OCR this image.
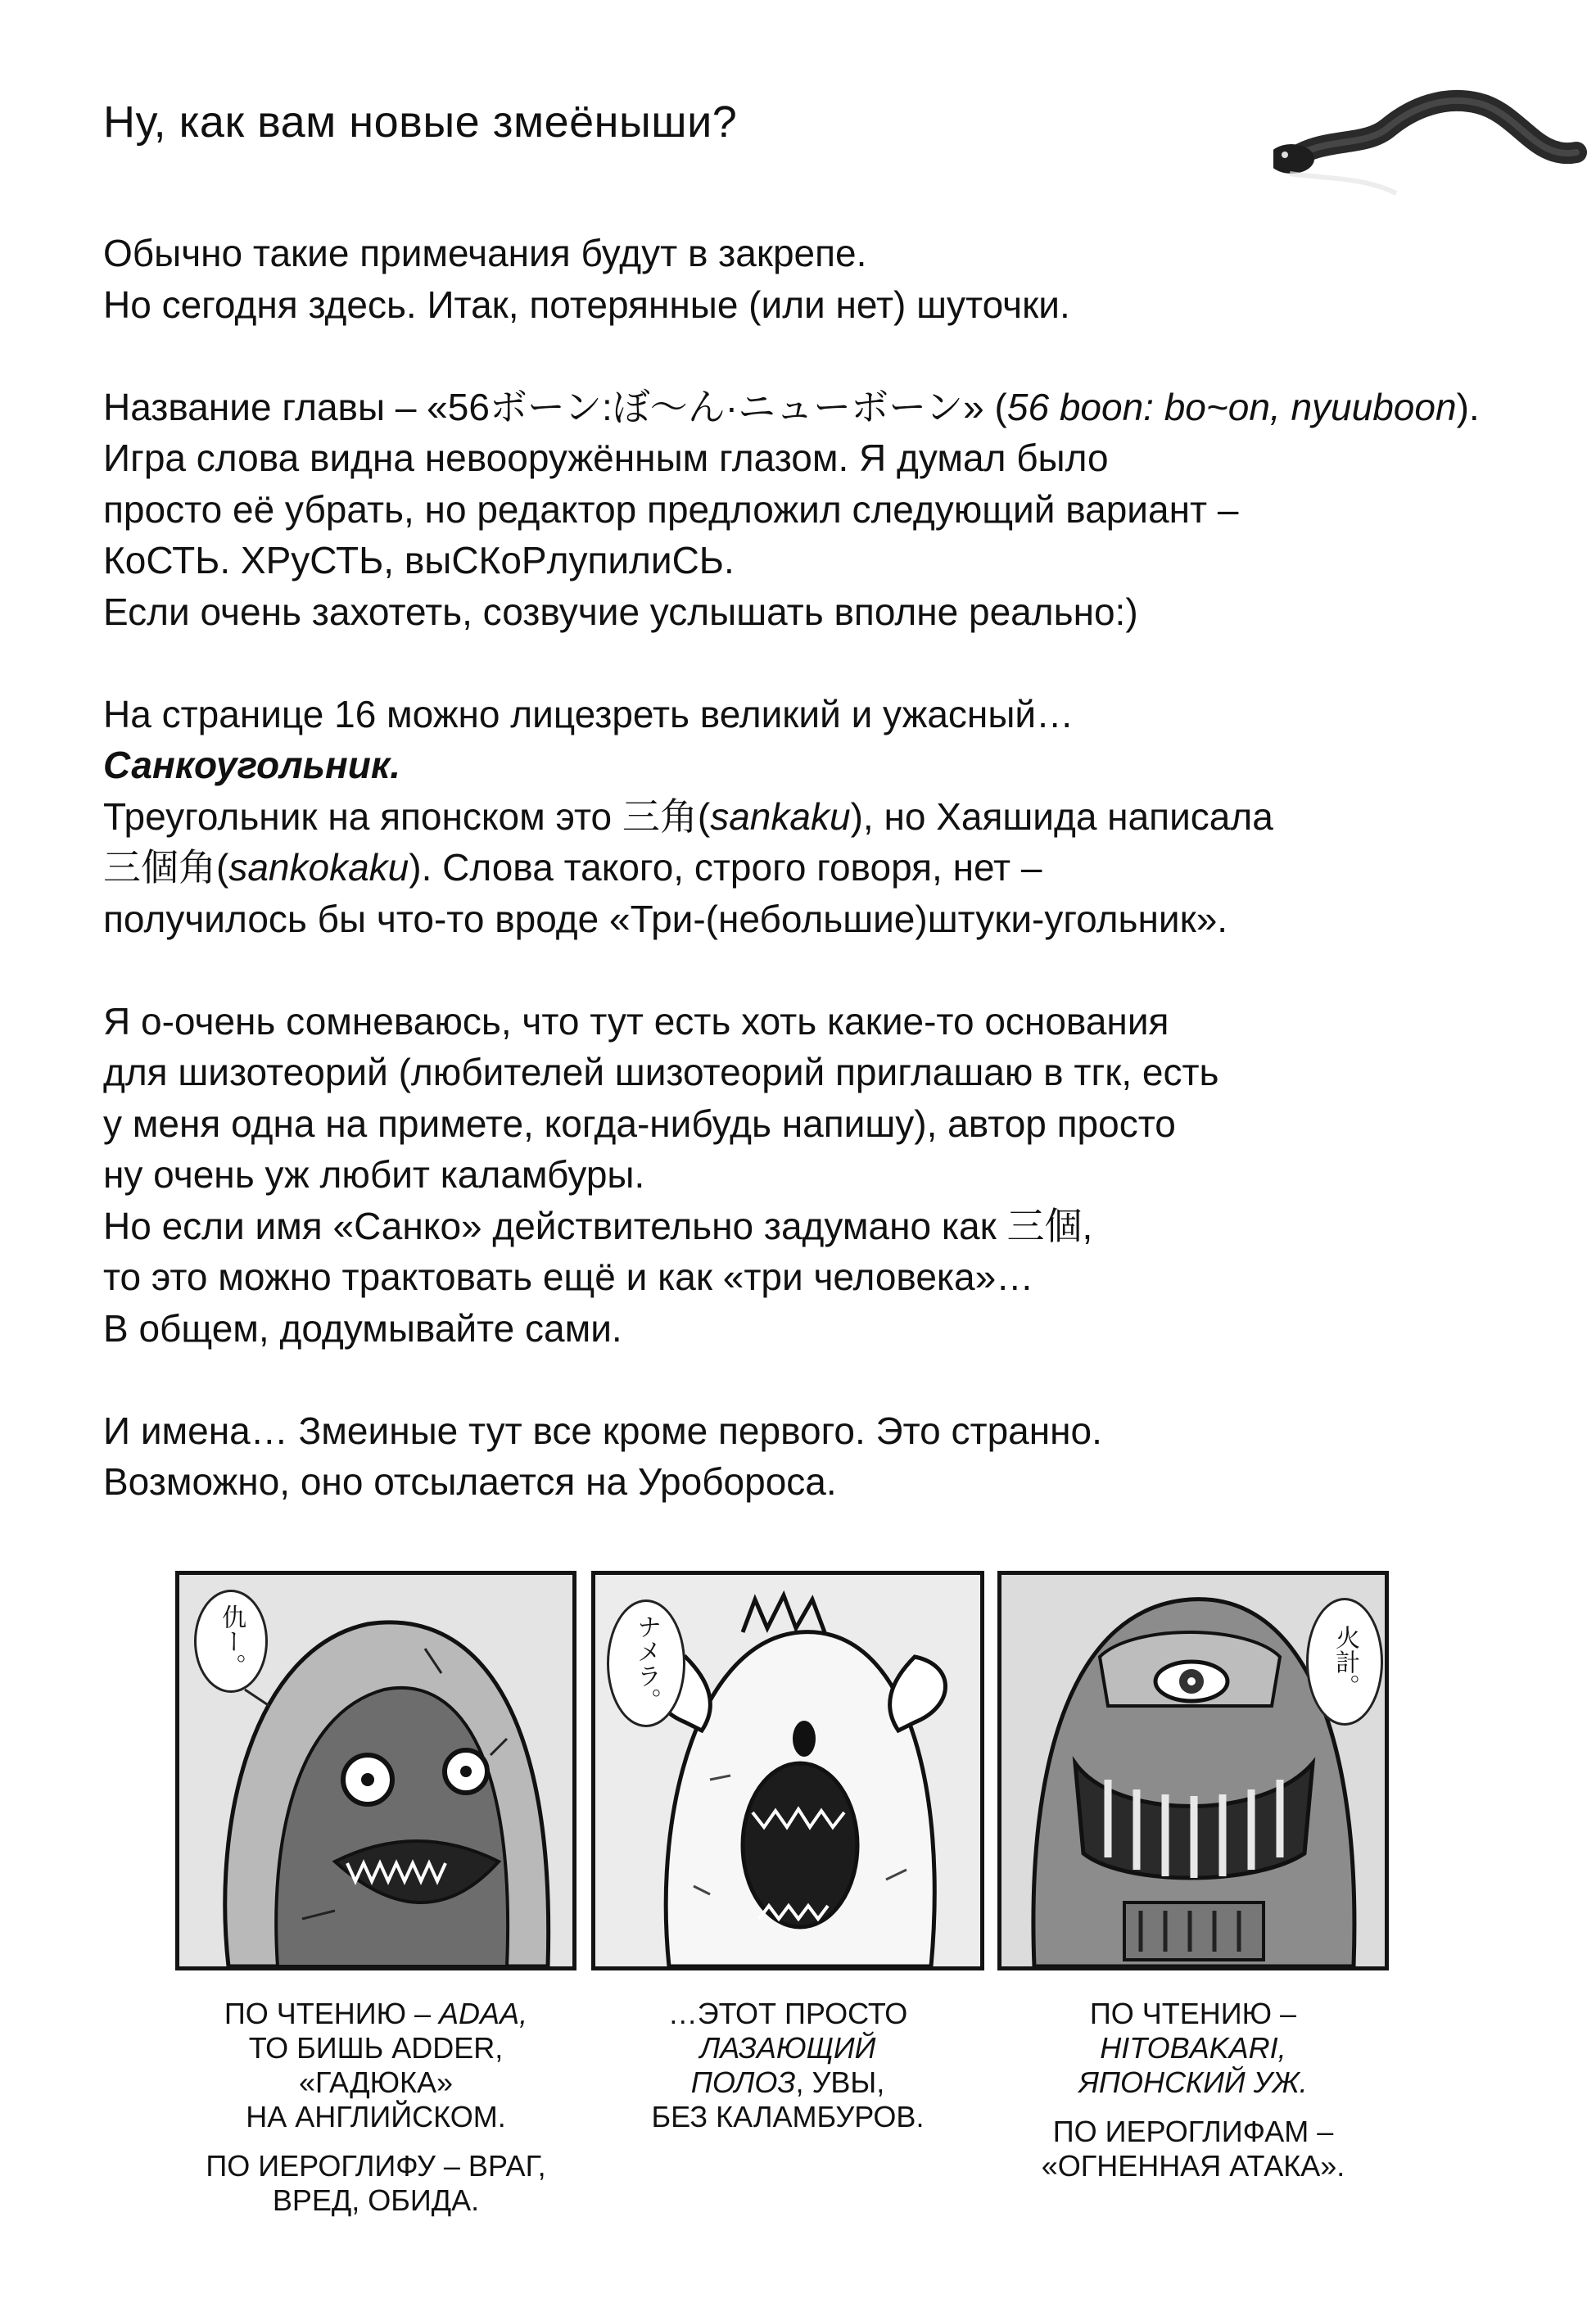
Ну, как вам новые змеёныши?

Обычно такие примечания будут в закрепе.
Но сегодня здесь. Итак, потерянные (или нет) шуточки.

Название главы – «56ボーン:ぼ〜ん·ニューボーン» (56 boon: bo~on, nyuuboon).
Игра слова видна невооружённым глазом. Я думал было
просто её убрать, но редактор предложил следующий вариант –
КоСТЬ. ХРуСТЬ, выСКоРлупилиСЬ.
Если очень захотеть, созвучие услышать вполне реально:)

На странице 16 можно лицезреть великий и ужасный…
Санкоугольник.
Треугольник на японском это 三角(sankaku), но Хаяшида написала
三個角(sankokaku). Слова такого, строго говоря, нет –
получилось бы что-то вроде «Три-(небольшие)штуки-угольник».

Я о-очень сомневаюсь, что тут есть хоть какие-то основания
для шизотеорий (любителей шизотеорий приглашаю в тгк, есть
у меня одна на примете, когда-нибудь напишу), автор просто
ну очень уж любит каламбуры.
Но если имя «Санко» действительно задумано как 三個,
то это можно трактовать ещё и как «три человека»…
В общем, додумывайте сами.

И имена… Змеиные тут все кроме первого. Это странно.
Возможно, оно отсылается на Уробороса.

仇ー。	ナメラ。	火計。

ПО ЧТЕНИЮ – ADAA,

ТО БИШЬ ADDER,

«ГАДЮКА»

НА АНГЛИЙСКОМ.

ПО ИЕРОГЛИФУ – ВРАГ,

ВРЕД, ОБИДА.

…ЭТОТ ПРОСТО

ЛАЗАЮЩИЙ

ПОЛОЗ, УВЫ,

БЕЗ КАЛАМБУРОВ.

ПО ЧТЕНИЮ –

HITOBAKARI,

ЯПОНСКИЙ УЖ.

ПО ИЕРОГЛИФАМ –

«ОГНЕННАЯ АТАКА».
